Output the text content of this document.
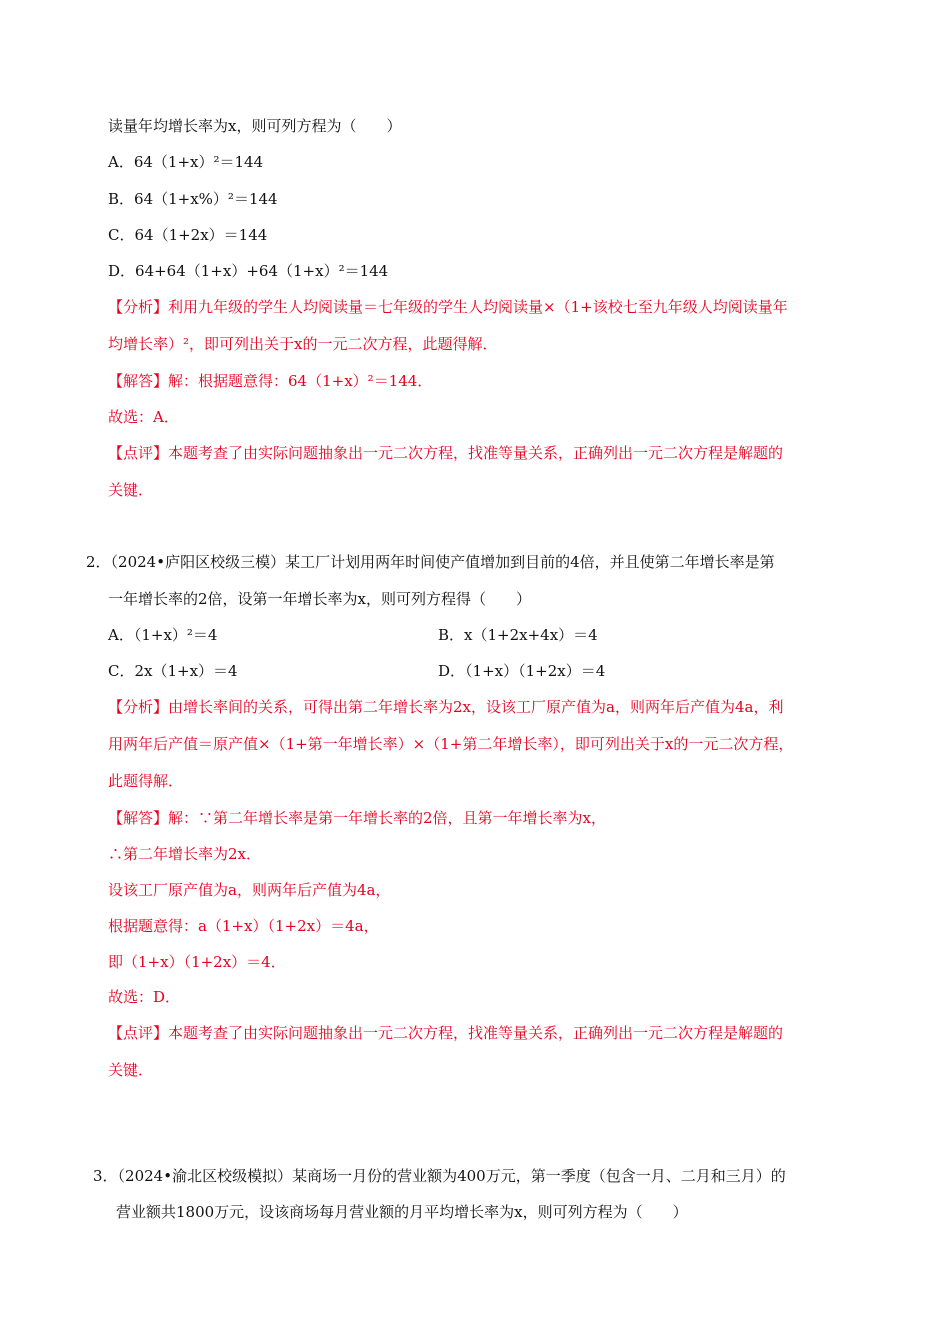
读量年均增长率为x，则可列方程为（　　）
A．64（1+x）²＝144
B．64（1+x%）²＝144
C．64（1+2x）＝144
D．64+64（1+x）+64（1+x）²＝144
【分析】利用九年级的学生人均阅读量＝七年级的学生人均阅读量×（1+该校七至九年级人均阅读量年
均增长率）²，即可列出关于x的一元二次方程，此题得解．
【解答】解：根据题意得：64（1+x）²＝144．
故选：A．
【点评】本题考查了由实际问题抽象出一元二次方程，找准等量关系，正确列出一元二次方程是解题的
关键．
2．（2024•庐阳区校级三模）某工厂计划用两年时间使产值增加到目前的4倍，并且使第二年增长率是第
一年增长率的2倍，设第一年增长率为x，则可列方程得（　　）
A．（1+x）²＝4	B．x（1+2x+4x）＝4
C．2x（1+x）＝4	D．（1+x）（1+2x）＝4
【分析】由增长率间的关系，可得出第二年增长率为2x，设该工厂原产值为a，则两年后产值为4a，利
用两年后产值＝原产值×（1+第一年增长率）×（1+第二年增长率），即可列出关于x的一元二次方程，
此题得解．
【解答】解：∵第二年增长率是第一年增长率的2倍，且第一年增长率为x，
∴第二年增长率为2x．
设该工厂原产值为a，则两年后产值为4a，
根据题意得：a（1+x）（1+2x）＝4a，
即（1+x）（1+2x）＝4．
故选：D．
【点评】本题考查了由实际问题抽象出一元二次方程，找准等量关系，正确列出一元二次方程是解题的
关键．
3．（2024•渝北区校级模拟）某商场一月份的营业额为400万元，第一季度（包含一月、二月和三月）的
营业额共1800万元，设该商场每月营业额的月平均增长率为x，则可列方程为（　　）
